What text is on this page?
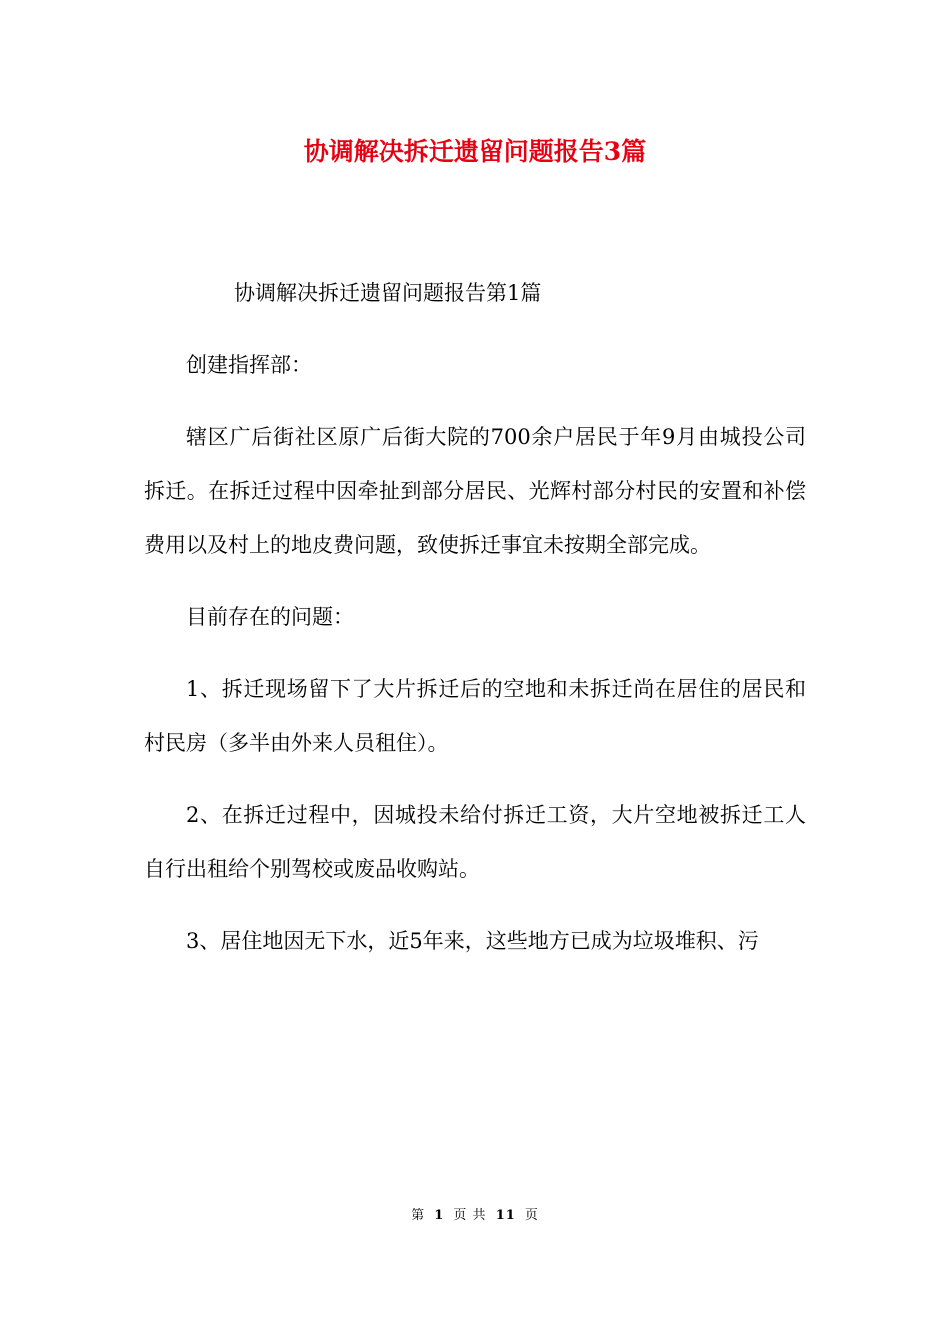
协调解决拆迁遗留问题报告3篇

协调解决拆迁遗留问题报告第1篇

创建指挥部：

辖区广后街社区原广后街大院的700余户居民于年9月由城投公司拆迁。在拆迁过程中因牵扯到部分居民、光辉村部分村民的安置和补偿费用以及村上的地皮费问题，致使拆迁事宜未按期全部完成。

目前存在的问题：

1、拆迁现场留下了大片拆迁后的空地和未拆迁尚在居住的居民和村民房（多半由外来人员租住）。

2、在拆迁过程中，因城投未给付拆迁工资，大片空地被拆迁工人自行出租给个别驾校或废品收购站。

3、居住地因无下水，近5年来，这些地方已成为垃圾堆积、污

第 1 页 共 11 页
